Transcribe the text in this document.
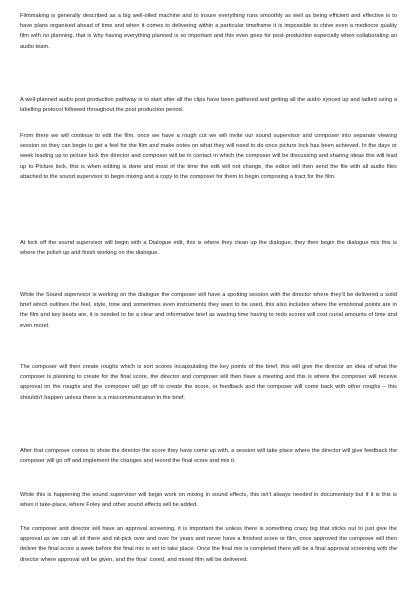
Filmmaking is generally described as a big well-oiled machine and to insure everything runs smoothly as well as being efficient and effective is to have plans organised ahead of time and when it comes to delivering within a particular timeframe it is impossible to chive even a mediocre quality film with no planning, that is why having everything planned is so important and this even goes for post-production especially when collaborating an audio team.

A well-planned audio post production pathway is to start after all the clips have been gathered and getting all the audio synced up and ladled using a labelling protocol followed throughout the post production period.

From there we will continue to edit the film, once we have a rough cut we will invite our sound supervisor and composer into separate viewing session so they can begin to get a feel for the film and make notes on what they will need to do once picture lock has been achieved. In the days or week leading up to picture lock the director and composer will be in contact in which the composer will be discussing and sharing ideas this will lead up to Picture lock, this is when editing is done and most of the time the edit will not change, the editor will then send the file with all audio files attached to the sound supervisor to begin mixing and a copy to the composer for them to begin composing a tract for the film.

At lock off the sound supervisor will begin with a Dialogue edit, this is where they clean up the dialogue, they then begin the dialogue mix this is where the polish up and finish working on the dialogue.

While the Sound supervisor is working on the dialogue the composer will have a spotting session with the director where they'll be delivered a solid brief which outlines the feel, style, tone and sometimes even instruments they want to be used, this also includes where the emotional points are in the film and key beats are, it is needed to be a clear and informative brief as wasting time having to redo scores will cost curial amounts of time and even morel.

The composer will then create roughs which is sort scores incapsulating the key points of the brief, this will give the director an idea of what the composer is planning to create for the final score, the director and composer will then have a meeting and this is where the composer will receive approval on the roughs and the composer will go off to create the score, or feedback and the composer will come back with other roughs – this shouldn't happen unless there is a miscommunication in the brief.

After that composer comes to show the director the score they have come up with, a session will take place where the director will give feedback the composer will go off and implement the changes and record the final score and mix it.

While this is happening the sound supervisor will begin work on mixing in sound effects, this isn't always needed in documentary but if it is this is when it take-place, where Foley and other sound effects will be added.

The composer and director will have an approval screening, it is important the unless there is something crazy big that sticks out to just give the approval as we can all sit there and nit-pick over and over for years and never have a finished score or film, once approved the composer will then deliver the final score a week before the final mix is set to take place. Once the final mix is completed there will be a final approval screening with the director where approval will be given, and the final :cored, and mixed film will be delivered.
